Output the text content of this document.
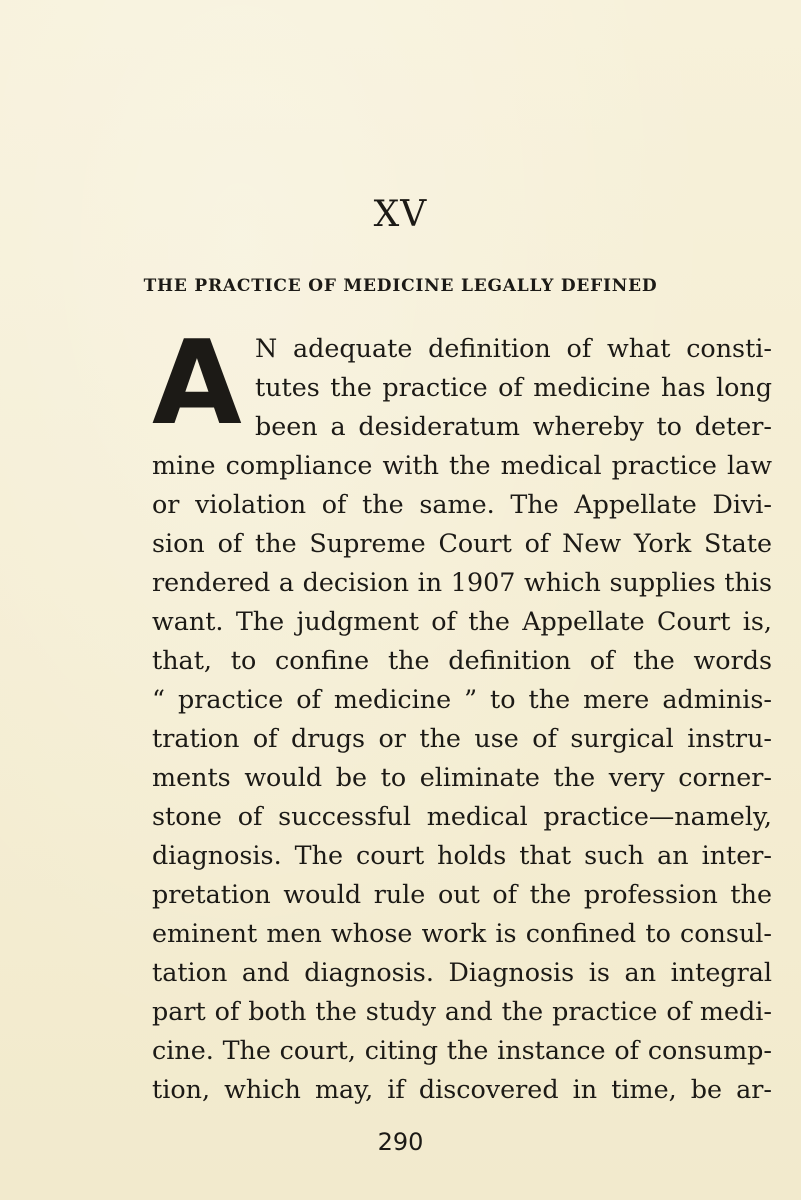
XV
THE PRACTICE OF MEDICINE LEGALLY DEFINED
A N adequate definition of what consti-
tutes the practice of medicine has long
been a desideratum whereby to deter-
mine compliance with the medical practice law
or violation of the same. The Appellate Divi-
sion of the Supreme Court of New York State
rendered a decision in 1907 which supplies this
want. The judgment of the Appellate Court is,
that, to confine the definition of the words
“ practice of medicine ” to the mere adminis-
tration of drugs or the use of surgical instru-
ments would be to eliminate the very corner-
stone of successful medical practice—namely,
diagnosis. The court holds that such an inter-
pretation would rule out of the profession the
eminent men whose work is confined to consul-
tation and diagnosis. Diagnosis is an integral
part of both the study and the practice of medi-
cine. The court, citing the instance of consump-
tion, which may, if discovered in time, be ar-
290
